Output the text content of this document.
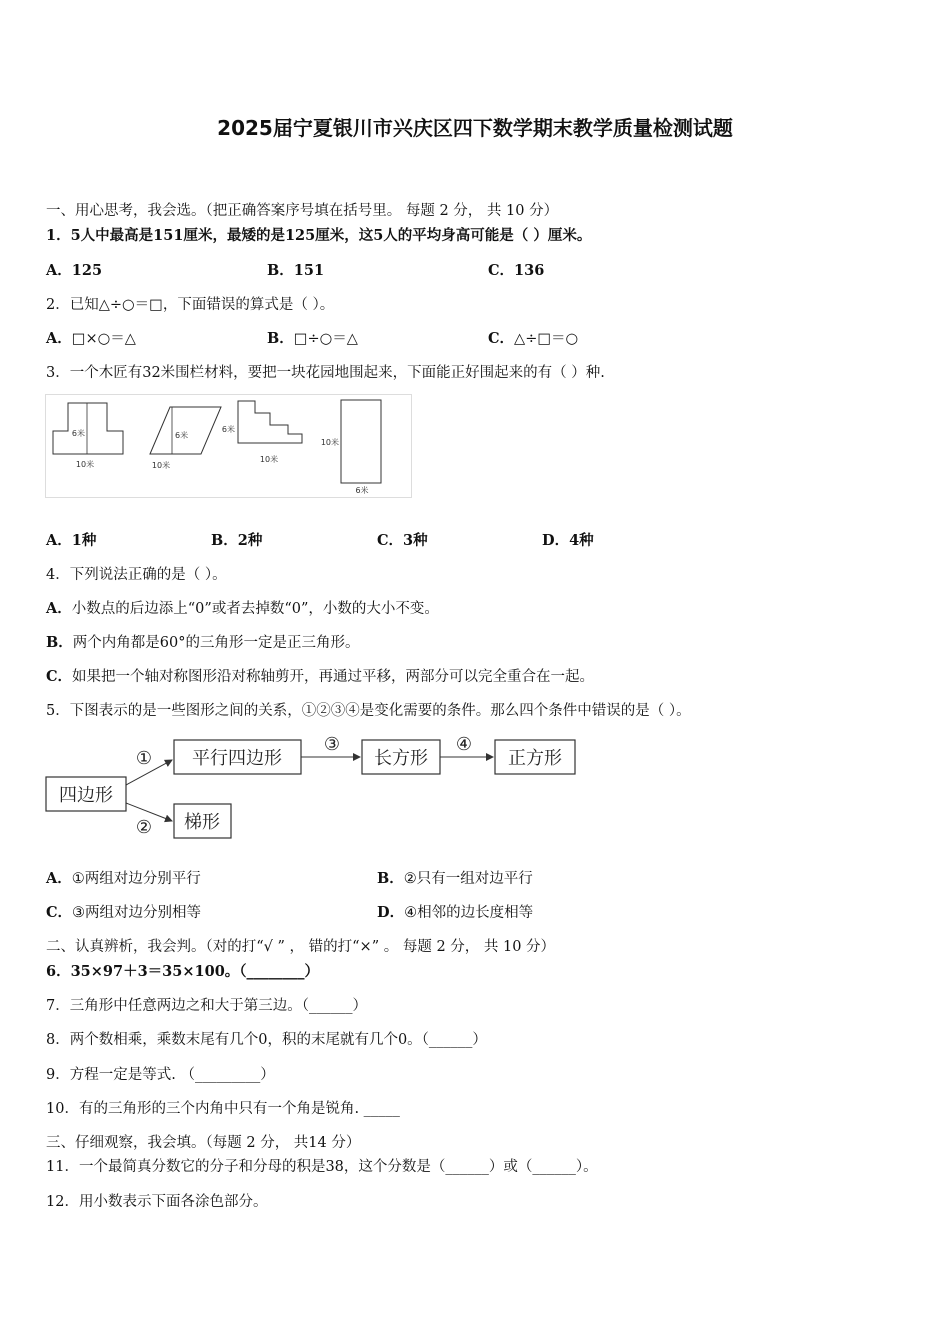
2025届宁夏银川市兴庆区四下数学期末教学质量检测试题
一、用心思考，我会选。（把正确答案序号填在括号里。 每题 2 分， 共 10 分）
1．5人中最高是151厘米，最矮的是125厘米，这5人的平均身高可能是（ ）厘米。
A．125	B．151	C．136
2．已知△÷○＝□，下面错误的算式是（ ）。
A．□×○＝△	B．□÷○＝△	C．△÷□＝○
3．一个木匠有32米围栏材料，要把一块花园地围起来，下面能正好围起来的有（ ）种.
6米
10米
6米
10米
6米
10米
10米
6米
A．1种	B．2种	C．3种	D．4种
4．下列说法正确的是（ ）。
A．小数点的后边添上“0”或者去掉数“0”，小数的大小不变。
B．两个内角都是60°的三角形一定是正三角形。
C．如果把一个轴对称图形沿对称轴剪开，再通过平移，两部分可以完全重合在一起。
5．下图表示的是一些图形之间的关系，①②③④是变化需要的条件。那么四个条件中错误的是（ ）。
四边形
平行四边形	长方形	正方形
梯形
①
②
③	④
A．①两组对边分别平行	B．②只有一组对边平行
C．③两组对边分别相等	D．④相邻的边长度相等
二、认真辨析，我会判。（对的打“√ ” ， 错的打“×” 。 每题 2 分， 共 10 分）
6．35×97＋3＝35×100。（________）
7．三角形中任意两边之和大于第三边。（______）
8．两个数相乘，乘数末尾有几个0，积的末尾就有几个0。（______）
9．方程一定是等式. （_________）
10．有的三角形的三个内角中只有一个角是锐角. _____
三、仔细观察，我会填。（每题 2 分， 共14 分）
11．一个最简真分数它的分子和分母的积是38，这个分数是（______）或（______）。
12．用小数表示下面各涂色部分。
